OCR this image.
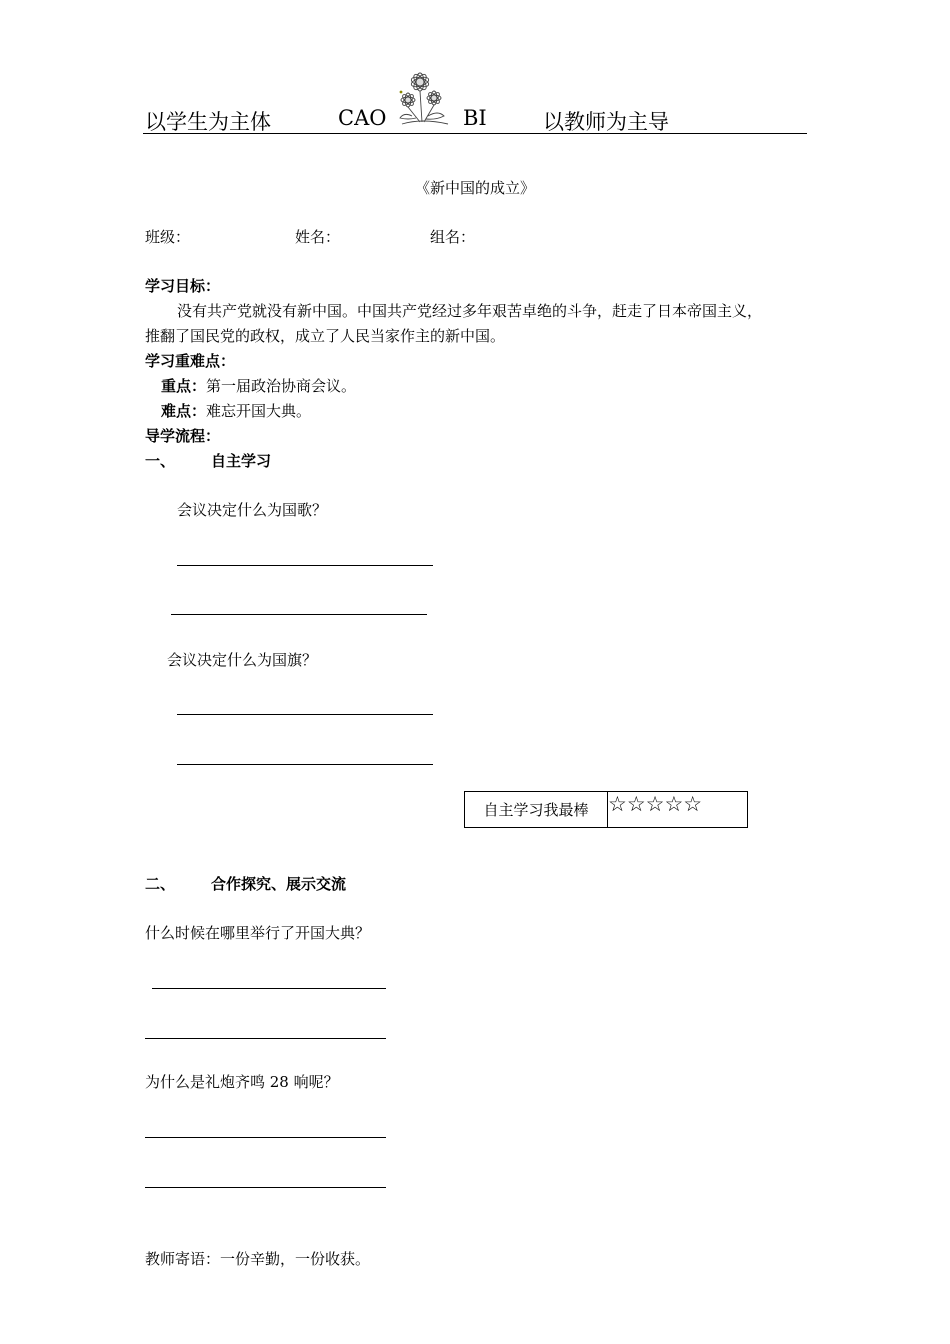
以学生为主体	CAO	BI	以教师为主导
《新中国的成立》
班级：	姓名：	组名：
学习目标：
没有共产党就没有新中国。中国共产党经过多年艰苦卓绝的斗争，赶走了日本帝国主义，
推翻了国民党的政权，成立了人民当家作主的新中国。
学习重难点：
重点：第一届政治协商会议。
难点：难忘开国大典。
导学流程：
一、 自主学习
会议决定什么为国歌？
会议决定什么为国旗？
自主学习我最棒	☆☆☆☆☆
二、 合作探究、展示交流
什么时候在哪里举行了开国大典？
为什么是礼炮齐鸣 28 响呢？
教师寄语：一份辛勤，一份收获。
